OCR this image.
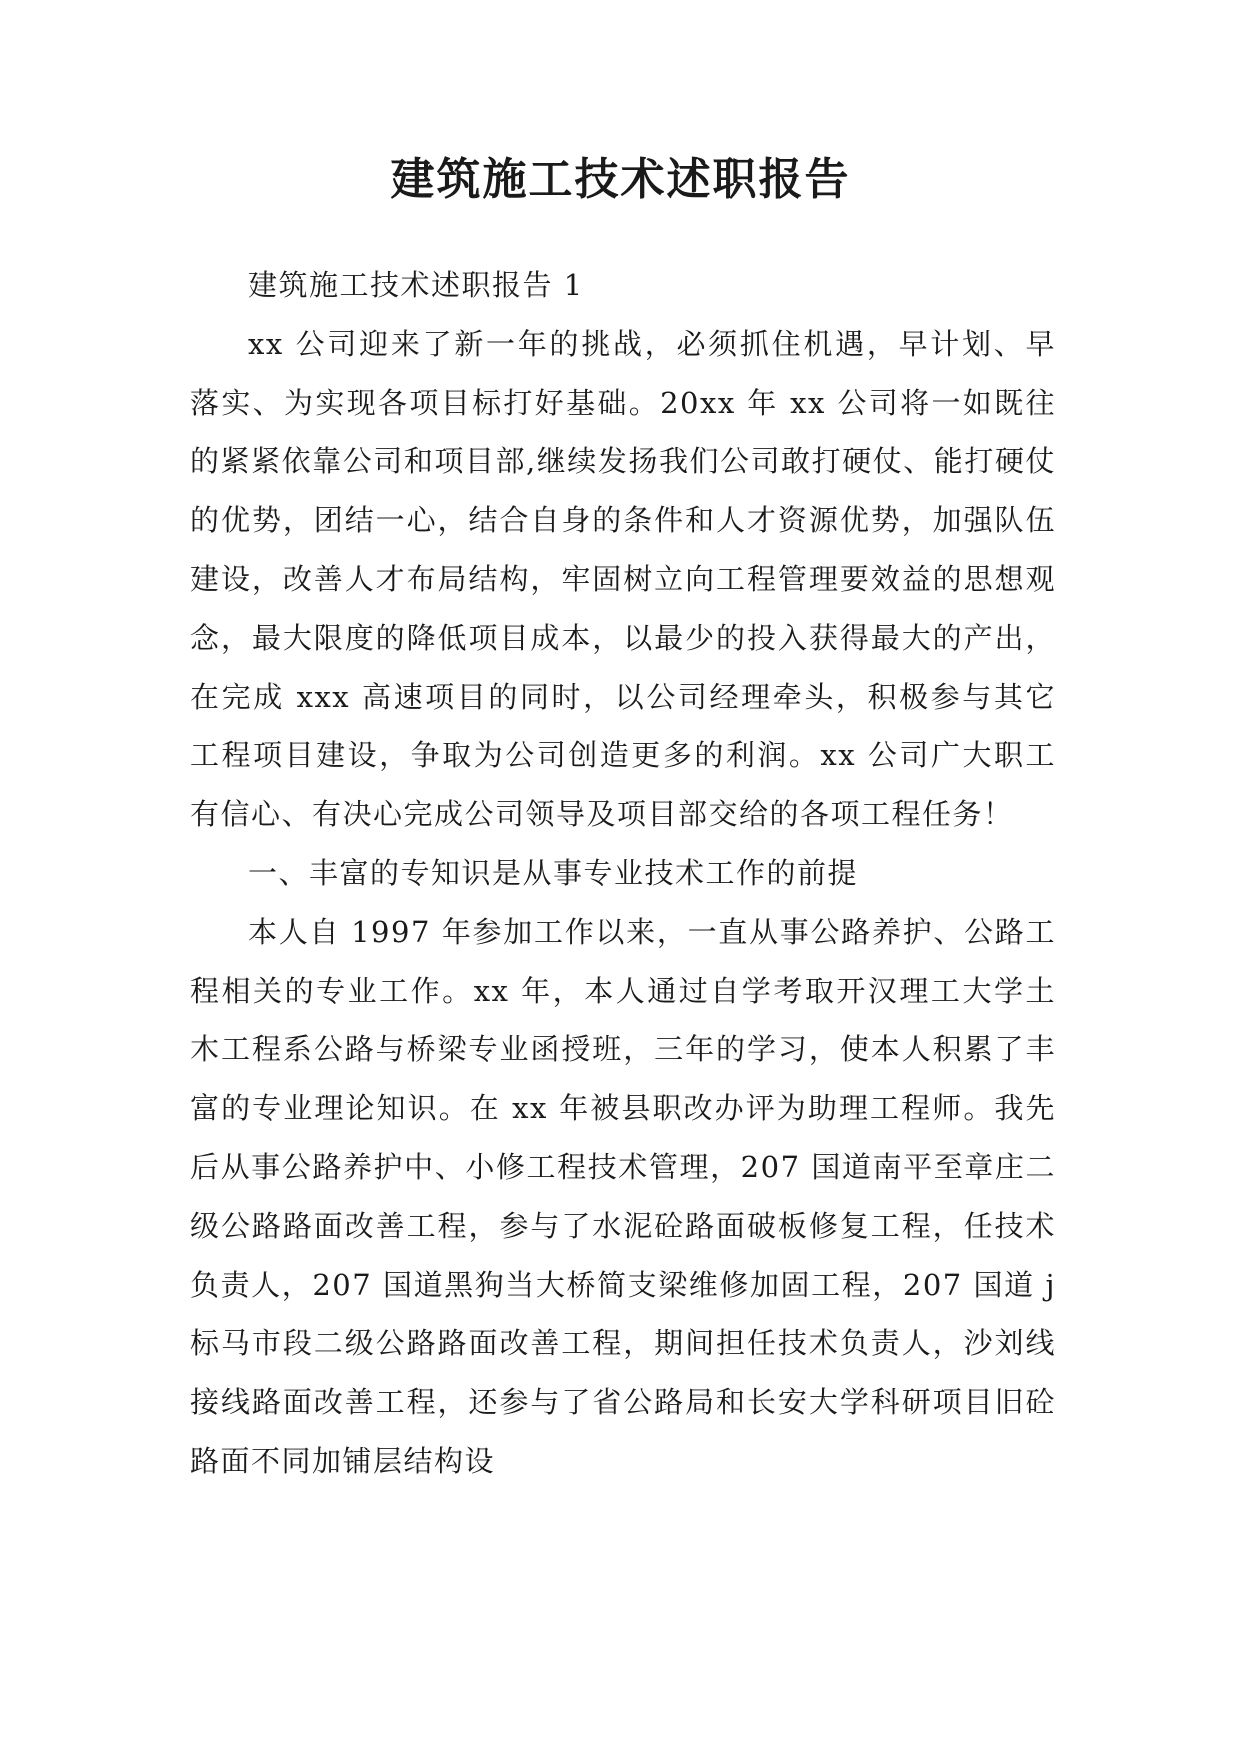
建筑施工技术述职报告

建筑施工技术述职报告 1

xx 公司迎来了新一年的挑战，必须抓住机遇，早计划、早落实、为实现各项目标打好基础。20xx 年 xx 公司将一如既往的紧紧依靠公司和项目部,继续发扬我们公司敢打硬仗、能打硬仗的优势，团结一心，结合自身的条件和人才资源优势，加强队伍建设，改善人才布局结构，牢固树立向工程管理要效益的思想观念，最大限度的降低项目成本，以最少的投入获得最大的产出，在完成 xxx 高速项目的同时，以公司经理牵头，积极参与其它工程项目建设，争取为公司创造更多的利润。xx 公司广大职工有信心、有决心完成公司领导及项目部交给的各项工程任务！

一、丰富的专知识是从事专业技术工作的前提

本人自 1997 年参加工作以来，一直从事公路养护、公路工程相关的专业工作。xx 年，本人通过自学考取开汉理工大学土木工程系公路与桥梁专业函授班，三年的学习，使本人积累了丰富的专业理论知识。在 xx 年被县职改办评为助理工程师。我先后从事公路养护中、小修工程技术管理，207 国道南平至章庄二级公路路面改善工程，参与了水泥砼路面破板修复工程，任技术负责人，207 国道黑狗当大桥简支梁维修加固工程，207 国道 j 标马市段二级公路路面改善工程，期间担任技术负责人，沙刘线接线路面改善工程，还参与了省公路局和长安大学科研项目旧砼路面不同加铺层结构设
